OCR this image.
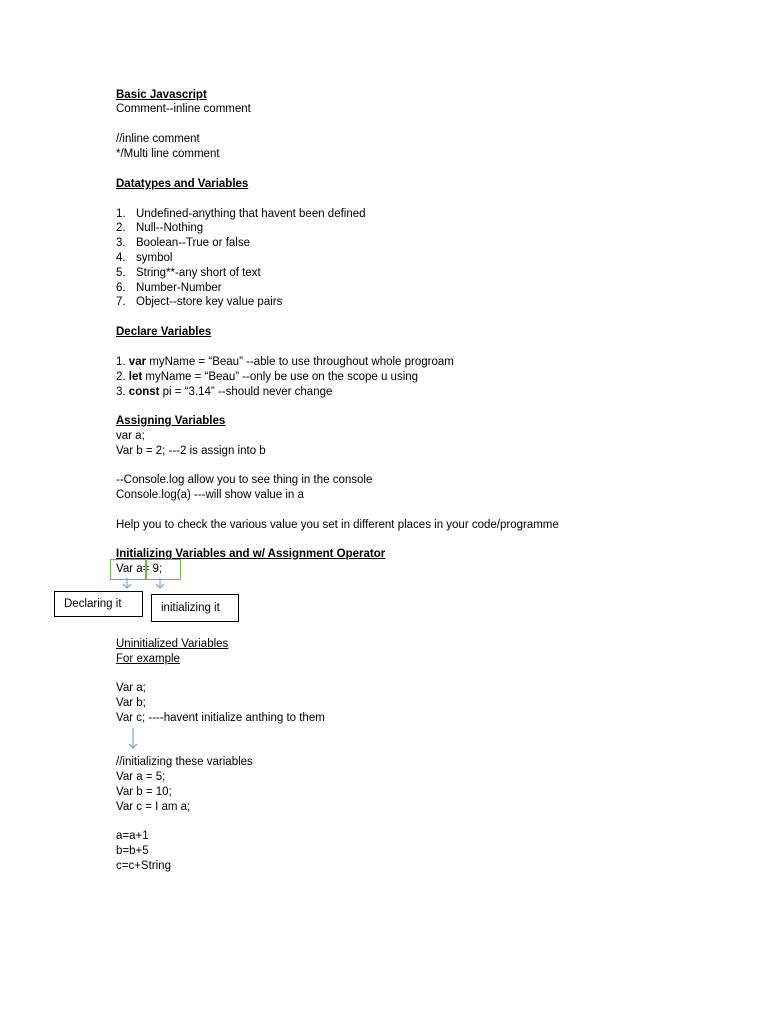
Basic Javascript
Comment--inline comment
//inline comment
*/Multi line comment
Datatypes and Variables
1. Undefined-anything that havent been defined
2. Null--Nothing
3. Boolean--True or false
4. symbol
5. String**-any short of text
6. Number-Number
7. Object--store key value pairs
Declare Variables
1. var myName = “Beau” --able to use throughout whole progroam
2. let myName = “Beau” --only be use on the scope u using
3. const pi = “3.14” --should never change
Assigning Variables
var a;
Var b = 2; ---2 is assign into b
--Console.log allow you to see thing in the console
Console.log(a) ---will show value in a
Help you to check the various value you set in different places in your code/programme
Initializing Variables and w/ Assignment Operator
Var a= 9;
Declaring it	initializing it
Uninitialized Variables
For example
Var a;
Var b;
Var c; ----havent initialize anthing to them
//initializing these variables
Var a = 5;
Var b = 10;
Var c = I am a;
a=a+1
b=b+5
c=c+String
